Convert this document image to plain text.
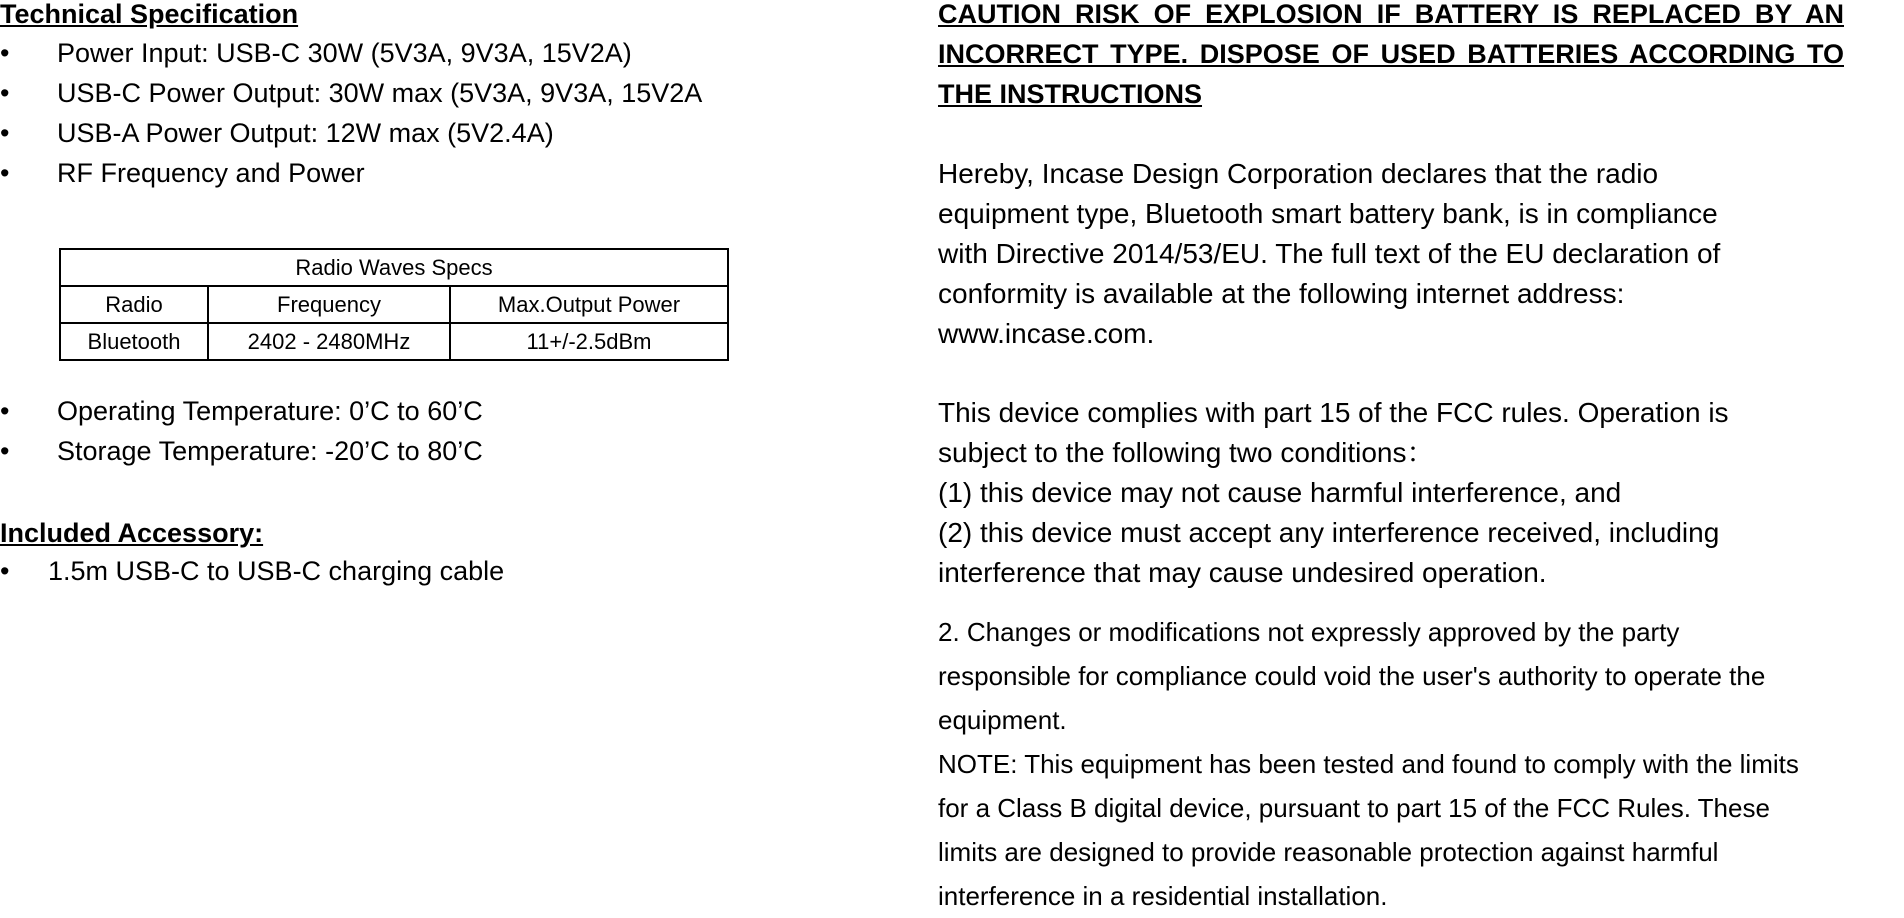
Technical Specification
• Power Input: USB-C 30W (5V3A, 9V3A, 15V2A)
• USB-C Power Output: 30W max (5V3A, 9V3A, 15V2A
• USB-A Power Output: 12W max (5V2.4A)
• RF Frequency and Power
Radio Waves Specs		
Radio	Frequency	Max.Output Power
Bluetooth	2402 - 2480MHz	11+/-2.5dBm
• Operating Temperature: 0’C to 60’C
• Storage Temperature: -20’C to 80’C
Included Accessory:
• 1.5m USB-C to USB-C charging cable
CAUTION RISK OF EXPLOSION IF BATTERY IS REPLACED BY AN INCORRECT TYPE. DISPOSE OF USED BATTERIES ACCORDING TO THE INSTRUCTIONS
Hereby, Incase Design Corporation declares that the radio
equipment type, Bluetooth smart battery bank, is in compliance
with Directive 2014/53/EU. The full text of the EU declaration of
conformity is available at the following internet address:
www.incase.com.
This device complies with part 15 of the FCC rules. Operation is
subject to the following two conditions：
(1) this device may not cause harmful interference, and
(2) this device must accept any interference received, including
interference that may cause undesired operation.
2. Changes or modifications not expressly approved by the party
responsible for compliance could void the user's authority to operate the
equipment.
NOTE: This equipment has been tested and found to comply with the limits
for a Class B digital device, pursuant to part 15 of the FCC Rules. These
limits are designed to provide reasonable protection against harmful
interference in a residential installation.
